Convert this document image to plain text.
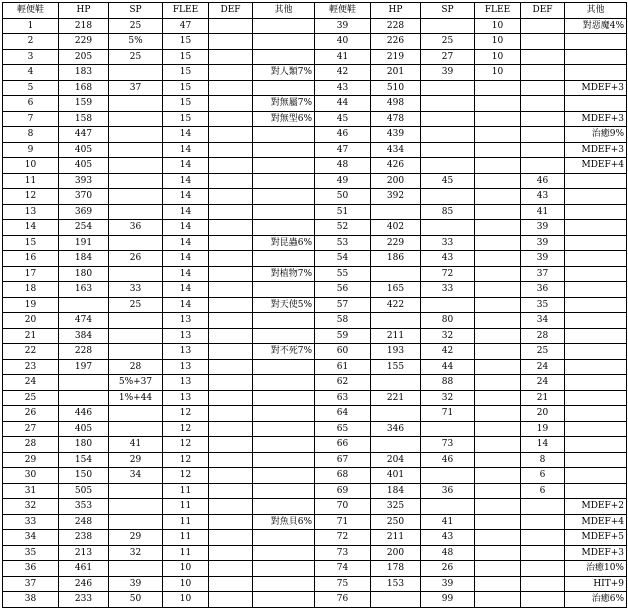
輕便鞋	HP	SP	FLEE	DEF	其他	輕便鞋	HP	SP	FLEE	DEF	其他
1	218	25	47			39	228		10		對惡魔4%
2	229	5%	15			40	226	25	10		
3	205	25	15			41	219	27	10		
4	183		15		對人類7%	42	201	39	10		
5	168	37	15			43	510				MDEF+3
6	159		15		對無屬7%	44	498				
7	158		15		對無型6%	45	478				MDEF+3
8	447		14			46	439				治癒9%
9	405		14			47	434				MDEF+3
10	405		14			48	426				MDEF+4
11	393		14			49	200	45		46	
12	370		14			50	392			43	
13	369		14			51		85		41	
14	254	36	14			52	402			39	
15	191		14		對昆蟲6%	53	229	33		39	
16	184	26	14			54	186	43		39	
17	180		14		對植物7%	55		72		37	
18	163	33	14			56	165	33		36	
19		25	14		對天使5%	57	422			35	
20	474		13			58		80		34	
21	384		13			59	211	32		28	
22	228		13		對不死7%	60	193	42		25	
23	197	28	13			61	155	44		24	
24		5%+37	13			62		88		24	
25		1%+44	13			63	221	32		21	
26	446		12			64		71		20	
27	405		12			65	346			19	
28	180	41	12			66		73		14	
29	154	29	12			67	204	46		8	
30	150	34	12			68	401			6	
31	505		11			69	184	36		6	
32	353		11			70	325				MDEF+2
33	248		11		對魚貝6%	71	250	41			MDEF+4
34	238	29	11			72	211	43			MDEF+5
35	213	32	11			73	200	48			MDEF+3
36	461		10			74	178	26			治癒10%
37	246	39	10			75	153	39			HIT+9
38	233	50	10			76		99			治癒6%
